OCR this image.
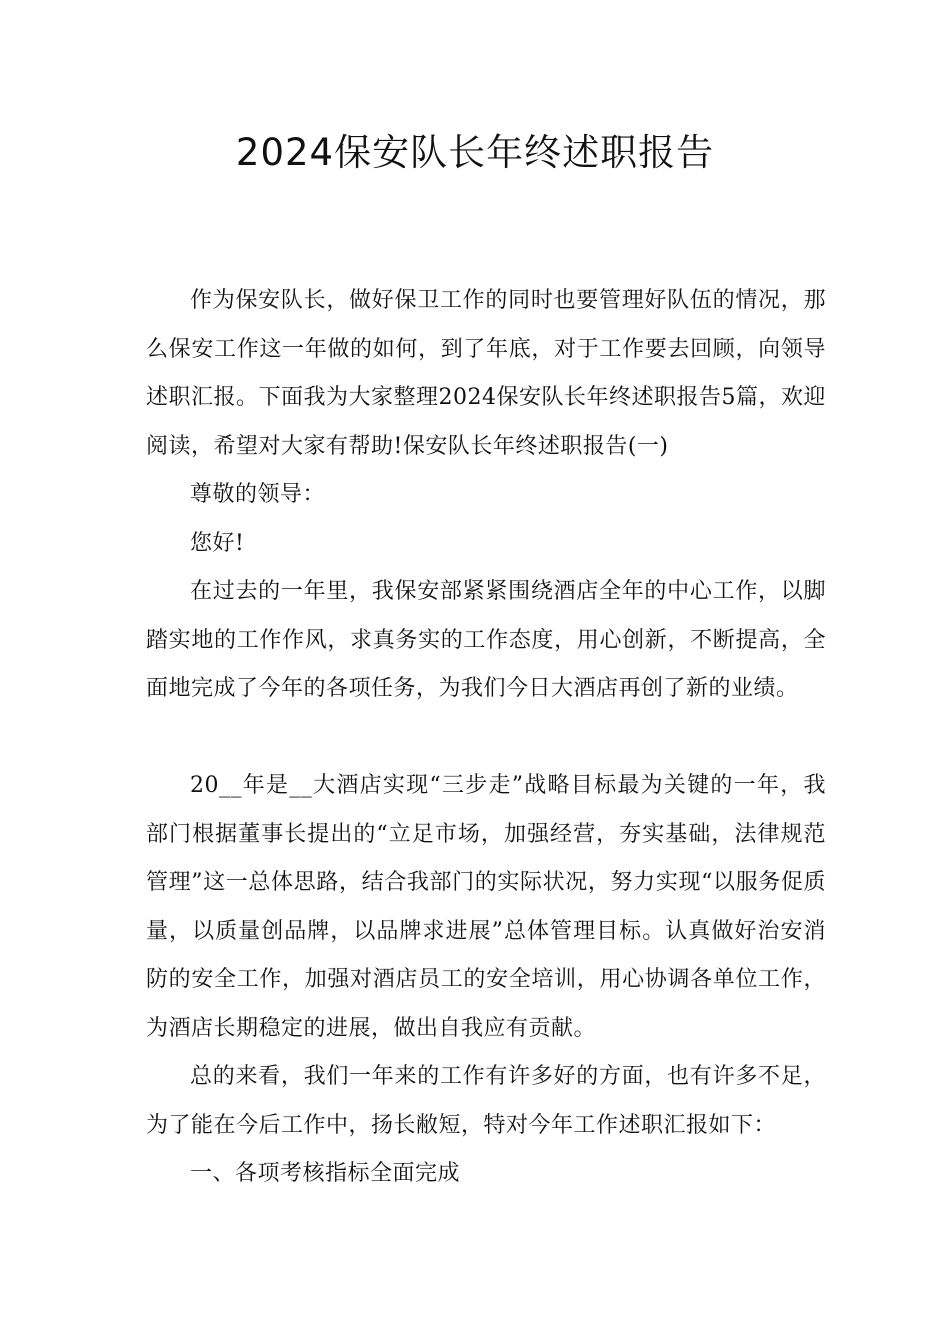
2024保安队长年终述职报告

作为保安队长，做好保卫工作的同时也要管理好队伍的情况，那么保安工作这一年做的如何，到了年底，对于工作要去回顾，向领导述职汇报。下面我为大家整理2024保安队长年终述职报告5篇，欢迎阅读，希望对大家有帮助!保安队长年终述职报告(一)

尊敬的领导：

您好!

在过去的一年里，我保安部紧紧围绕酒店全年的中心工作，以脚踏实地的工作作风，求真务实的工作态度，用心创新，不断提高，全面地完成了今年的各项任务，为我们今日大酒店再创了新的业绩。

20__年是__大酒店实现“三步走”战略目标最为关键的一年，我部门根据董事长提出的“立足市场，加强经营，夯实基础，法律规范管理”这一总体思路，结合我部门的实际状况，努力实现“以服务促质量，以质量创品牌，以品牌求进展”总体管理目标。认真做好治安消防的安全工作，加强对酒店员工的安全培训，用心协调各单位工作，为酒店长期稳定的进展，做出自我应有贡献。

总的来看，我们一年来的工作有许多好的方面，也有许多不足，为了能在今后工作中，扬长敝短，特对今年工作述职汇报如下：

一、各项考核指标全面完成
